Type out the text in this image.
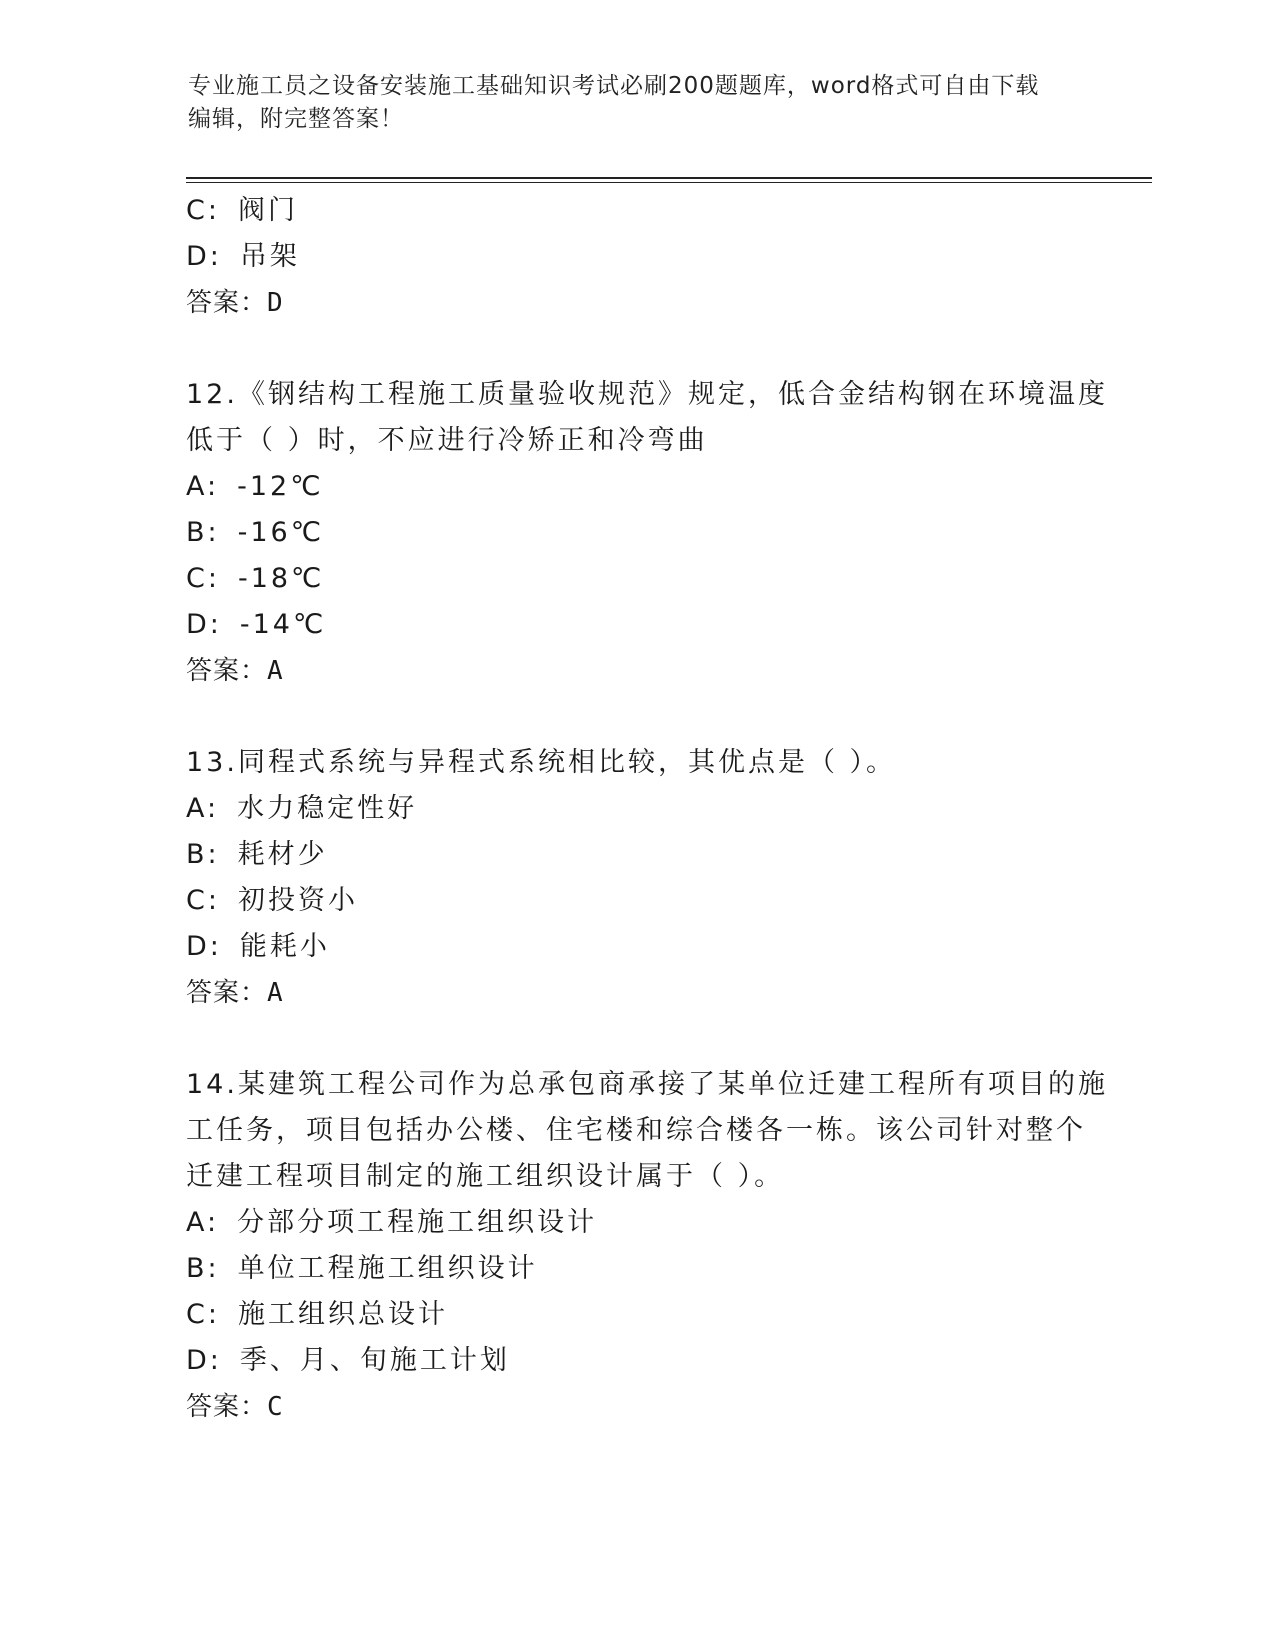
专业施工员之设备安装施工基础知识考试必刷200题题库，word格式可自由下载
编辑，附完整答案！
C: 阀门
D: 吊架
答案：D
12.《钢结构工程施工质量验收规范》规定，低合金结构钢在环境温度
低于（ ）时，不应进行冷矫正和冷弯曲
A: -12℃
B: -16℃
C: -18℃
D: -14℃
答案：A
13.同程式系统与异程式系统相比较，其优点是（ ）。
A: 水力稳定性好
B: 耗材少
C: 初投资小
D: 能耗小
答案：A
14.某建筑工程公司作为总承包商承接了某单位迁建工程所有项目的施
工任务，项目包括办公楼、住宅楼和综合楼各一栋。该公司针对整个
迁建工程项目制定的施工组织设计属于（ ）。
A: 分部分项工程施工组织设计
B: 单位工程施工组织设计
C: 施工组织总设计
D: 季、月、旬施工计划
答案：C
